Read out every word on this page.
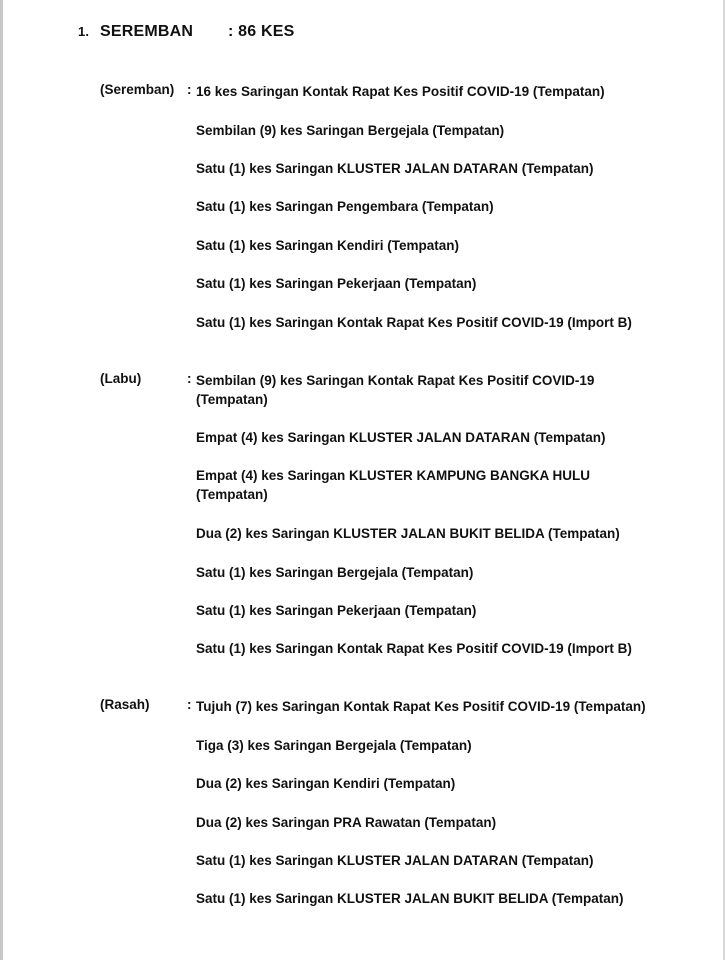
1. SEREMBAN : 86 KES
(Seremban) : 16 kes Saringan Kontak Rapat Kes Positif COVID-19 (Tempatan)
Sembilan (9) kes Saringan Bergejala (Tempatan)
Satu (1) kes Saringan KLUSTER JALAN DATARAN (Tempatan)
Satu (1) kes Saringan Pengembara (Tempatan)
Satu (1) kes Saringan Kendiri (Tempatan)
Satu (1) kes Saringan Pekerjaan (Tempatan)
Satu (1) kes Saringan Kontak Rapat Kes Positif COVID-19 (Import B)
(Labu)	: Sembilan (9) kes Saringan Kontak Rapat Kes Positif COVID-19 (Tempatan)
Empat (4) kes Saringan KLUSTER JALAN DATARAN (Tempatan)
Empat (4) kes Saringan KLUSTER KAMPUNG BANGKA HULU (Tempatan)
Dua (2) kes Saringan KLUSTER JALAN BUKIT BELIDA (Tempatan)
Satu (1) kes Saringan Bergejala (Tempatan)
Satu (1) kes Saringan Pekerjaan (Tempatan)
Satu (1) kes Saringan Kontak Rapat Kes Positif COVID-19 (Import B)
(Rasah)	: Tujuh (7) kes Saringan Kontak Rapat Kes Positif COVID-19 (Tempatan)
Tiga (3) kes Saringan Bergejala (Tempatan)
Dua (2) kes Saringan Kendiri (Tempatan)
Dua (2) kes Saringan PRA Rawatan (Tempatan)
Satu (1) kes Saringan KLUSTER JALAN DATARAN (Tempatan)
Satu (1) kes Saringan KLUSTER JALAN BUKIT BELIDA (Tempatan)
